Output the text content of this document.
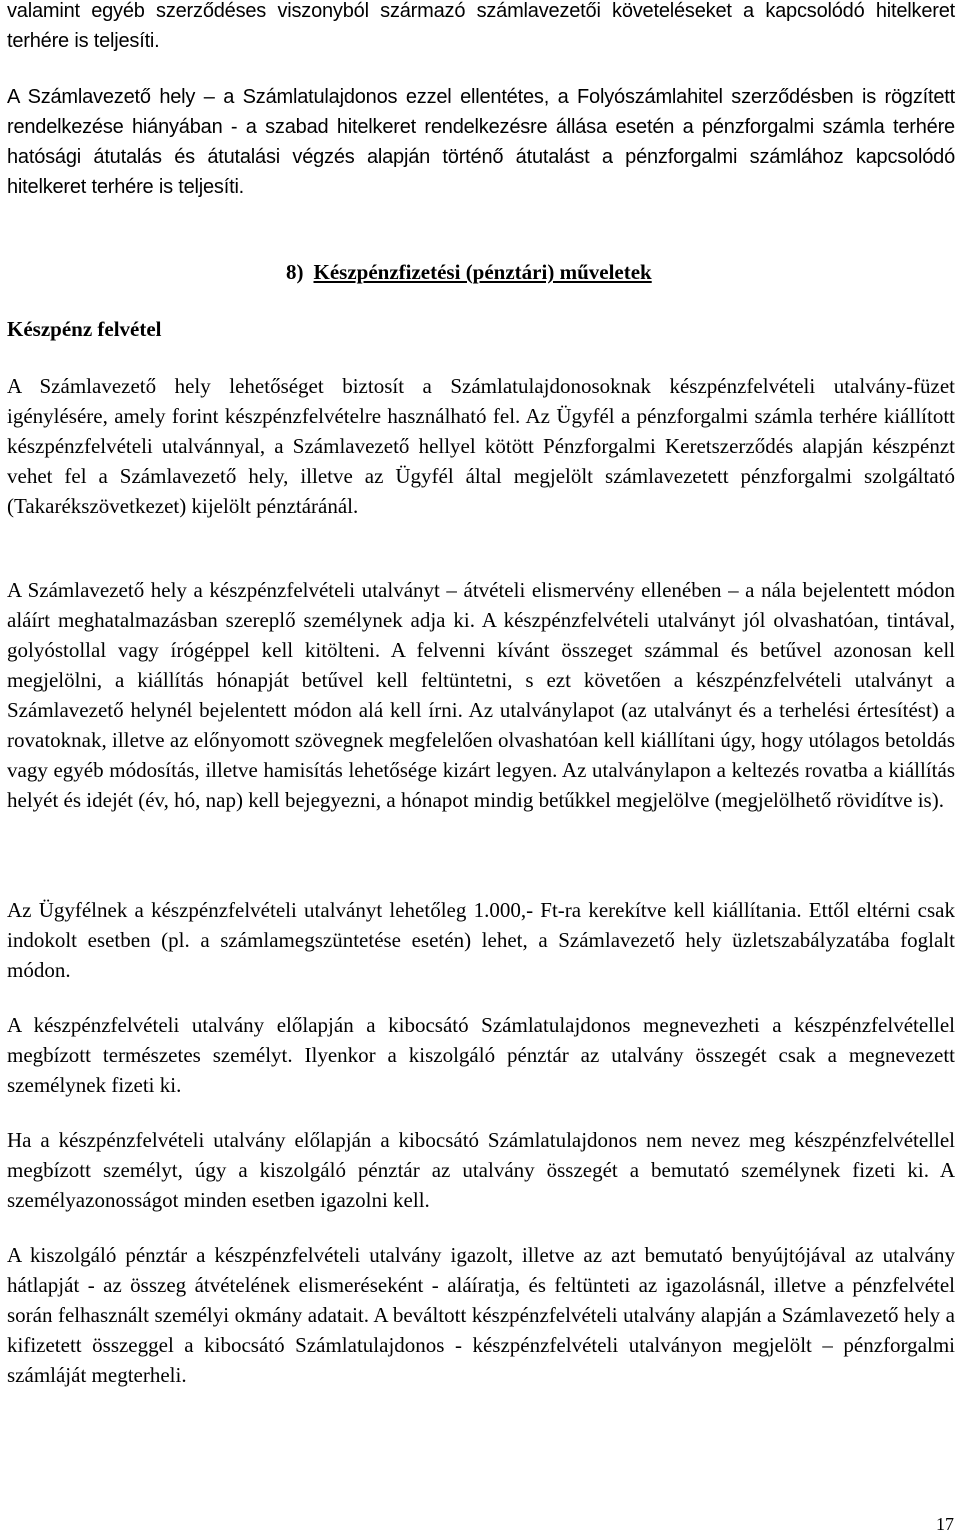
valamint egyéb szerződéses viszonyból származó számlavezetői követeléseket a kapcsolódó hitelkeret terhére is teljesíti.

A Számlavezető hely – a Számlatulajdonos ezzel ellentétes, a Folyószámlahitel szerződésben is rögzített rendelkezése hiányában - a szabad hitelkeret rendelkezésre állása esetén a pénzforgalmi számla terhére hatósági átutalás és átutalási végzés alapján történő átutalást a pénzforgalmi számlához kapcsolódó hitelkeret terhére is teljesíti.

8) Készpénzfizetési (pénztári) műveletek
Készpénz felvétel

A Számlavezető hely lehetőséget biztosít a Számlatulajdonosoknak készpénzfelvételi utalvány-füzet igénylésére, amely forint készpénzfelvételre használható fel. Az Ügyfél a pénzforgalmi számla terhére kiállított készpénzfelvételi utalvánnyal, a Számlavezető hellyel kötött Pénzforgalmi Keretszerződés alapján készpénzt vehet fel a Számlavezető hely, illetve az Ügyfél által megjelölt számlavezetett pénzforgalmi szolgáltató (Takarékszövetkezet) kijelölt pénztáránál.

A Számlavezető hely a készpénzfelvételi utalványt – átvételi elismervény ellenében – a nála bejelentett módon aláírt meghatalmazásban szereplő személynek adja ki. A készpénzfelvételi utalványt jól olvashatóan, tintával, golyóstollal vagy írógéppel kell kitölteni. A felvenni kívánt összeget számmal és betűvel azonosan kell megjelölni, a kiállítás hónapját betűvel kell feltüntetni, s ezt követően a készpénzfelvételi utalványt a Számlavezető helynél bejelentett módon alá kell írni. Az utalványlapot (az utalványt és a terhelési értesítést) a rovatoknak, illetve az előnyomott szövegnek megfelelően olvashatóan kell kiállítani úgy, hogy utólagos betoldás vagy egyéb módosítás, illetve hamisítás lehetősége kizárt legyen. Az utalványlapon a keltezés rovatba a kiállítás helyét és idejét (év, hó, nap) kell bejegyezni, a hónapot mindig betűkkel megjelölve (megjelölhető rövidítve is).

Az Ügyfélnek a készpénzfelvételi utalványt lehetőleg 1.000,- Ft-ra kerekítve kell kiállítania. Ettől eltérni csak indokolt esetben (pl. a számlamegszüntetése esetén) lehet, a Számlavezető hely üzletszabályzatába foglalt módon.

A készpénzfelvételi utalvány előlapján a kibocsátó Számlatulajdonos megnevezheti a készpénzfelvétellel megbízott természetes személyt. Ilyenkor a kiszolgáló pénztár az utalvány összegét csak a megnevezett személynek fizeti ki.

Ha a készpénzfelvételi utalvány előlapján a kibocsátó Számlatulajdonos nem nevez meg készpénzfelvétellel megbízott személyt, úgy a kiszolgáló pénztár az utalvány összegét a bemutató személynek fizeti ki. A személyazonosságot minden esetben igazolni kell.

A kiszolgáló pénztár a készpénzfelvételi utalvány igazolt, illetve az azt bemutató benyújtójával az utalvány hátlapját - az összeg átvételének elismeréseként - aláíratja, és feltünteti az igazolásnál, illetve a pénzfelvétel során felhasznált személyi okmány adatait. A beváltott készpénzfelvételi utalvány alapján a Számlavezető hely a kifizetett összeggel a kibocsátó Számlatulajdonos - készpénzfelvételi utalványon megjelölt – pénzforgalmi számláját megterheli.

17
